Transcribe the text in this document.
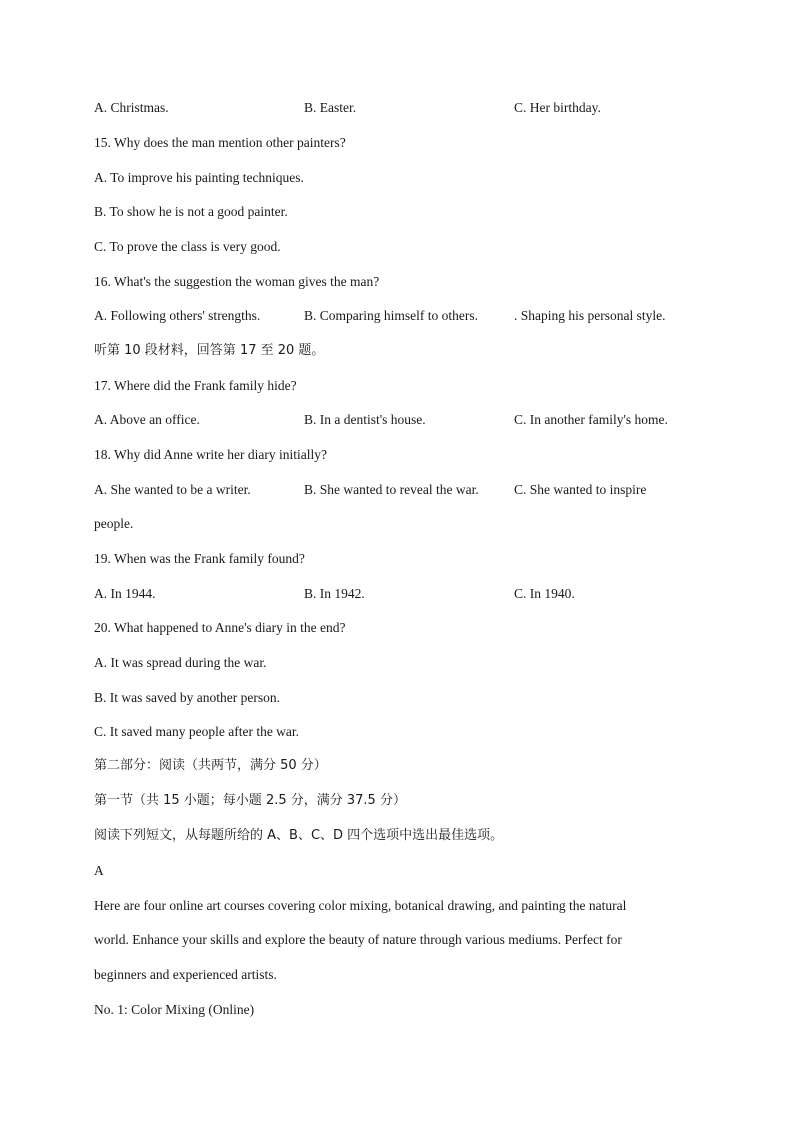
A. Christmas.	B. Easter.	C. Her birthday.
15. Why does the man mention other painters?
A. To improve his painting techniques.
B. To show he is not a good painter.
C. To prove the class is very good.
16. What's the suggestion the woman gives the man?
A. Following others' strengths.	B. Comparing himself to others.	. Shaping his personal style.
听第 10 段材料，回答第 17 至 20 题。
17. Where did the Frank family hide?
A. Above an office.	B. In a dentist's house.	C. In another family's home.
18. Why did Anne write her diary initially?
A. She wanted to be a writer.	B. She wanted to reveal the war.	C. She wanted to inspire
people.
19. When was the Frank family found?
A. In 1944.	B. In 1942.	C. In 1940.
20. What happened to Anne's diary in the end?
A. It was spread during the war.
B. It was saved by another person.
C. It saved many people after the war.
第二部分：阅读（共两节，满分 50 分）
第一节（共 15 小题；每小题 2.5 分，满分 37.5 分）
阅读下列短文，从每题所给的 A、B、C、D 四个选项中选出最佳选项。
A
Here are four online art courses covering color mixing, botanical drawing, and painting the natural
world. Enhance your skills and explore the beauty of nature through various mediums. Perfect for
beginners and experienced artists.
No. 1: Color Mixing (Online)
